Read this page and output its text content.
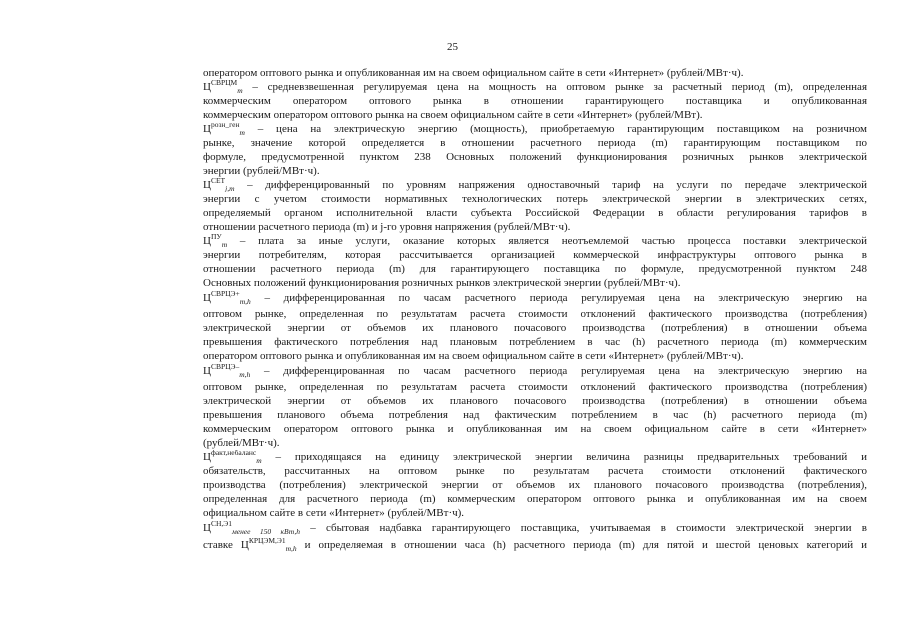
25
оператором оптового рынка и опубликованная им на своем официальном сайте в сети «Интернет» (рублей/МВт·ч).
$Ц^{СВРЦМ}_m$ – средневзвешенная регулируемая цена на мощность на оптовом рынке за расчетный период (m), определенная
коммерческим оператором оптового рынка в отношении гарантирующего поставщика и опубликованная
коммерческим оператором оптового рынка на своем официальном сайте в сети «Интернет» (рублей/МВт).
$Ц^{розн\_ген}_m$ – цена на электрическую энергию (мощность), приобретаемую гарантирующим поставщиком на розничном
рынке, значение которой определяется в отношении расчетного периода (m) гарантирующим поставщиком по
формуле, предусмотренной пунктом 238 Основных положений функционирования розничных рынков электрической
энергии (рублей/МВт·ч).
$Ц^{СЕТ}_{j,m}$ – дифференцированный по уровням напряжения одноставочный тариф на услуги по передаче электрической
энергии с учетом стоимости нормативных технологических потерь электрической энергии в электрических сетях,
определяемый органом исполнительной власти субъекта Российской Федерации в области регулирования тарифов в
отношении расчетного периода (m) и j-го уровня напряжения (рублей/МВт·ч).
$Ц^{ПУ}_m$ – плата за иные услуги, оказание которых является неотъемлемой частью процесса поставки электрической
энергии потребителям, которая рассчитывается организацией коммерческой инфраструктуры оптового рынка в
отношении расчетного периода (m) для гарантирующего поставщика по формуле, предусмотренной пунктом 248
Основных положений функционирования розничных рынков электрической энергии (рублей/МВт·ч).
$Ц^{СВРЦЭ+}_{m,h}$ – дифференцированная по часам расчетного периода регулируемая цена на электрическую энергию на
оптовом рынке, определенная по результатам расчета стоимости отклонений фактического производства (потребления)
электрической энергии от объемов их планового почасового производства (потребления) в отношении объема
превышения фактического потребления над плановым потреблением в час (h) расчетного периода (m) коммерческим
оператором оптового рынка и опубликованная им на своем официальном сайте в сети «Интернет» (рублей/МВт·ч).
$Ц^{СВРЦЭ-}_{m,h}$ – дифференцированная по часам расчетного периода регулируемая цена на электрическую энергию на
оптовом рынке, определенная по результатам расчета стоимости отклонений фактического производства (потребления)
электрической энергии от объемов их планового почасового производства (потребления) в отношении объема
превышения планового объема потребления над фактическим потреблением в час (h) расчетного периода (m)
коммерческим оператором оптового рынка и опубликованная им на своем официальном сайте в сети «Интернет»
(рублей/МВт·ч).
$Ц^{факт,небаланс}_m$ – приходящаяся на единицу электрической энергии величина разницы предварительных требований и
обязательств, рассчитанных на оптовом рынке по результатам расчета стоимости отклонений фактического
производства (потребления) электрической энергии от объемов их планового почасового производства (потребления),
определенная для расчетного периода (m) коммерческим оператором оптового рынка и опубликованная им на своем
официальном сайте в сети «Интернет» (рублей/МВт·ч).
$Ц^{СН,Э1}_{менее 150 кВт,h}$ – сбытовая надбавка гарантирующего поставщика, учитываемая в стоимости электрической энергии в
ставке $Ц^{КРЦЭМ,Э1}_{m,h}$ и определяемая в отношении часа (h) расчетного периода (m) для пятой и шестой ценовых категорий и
